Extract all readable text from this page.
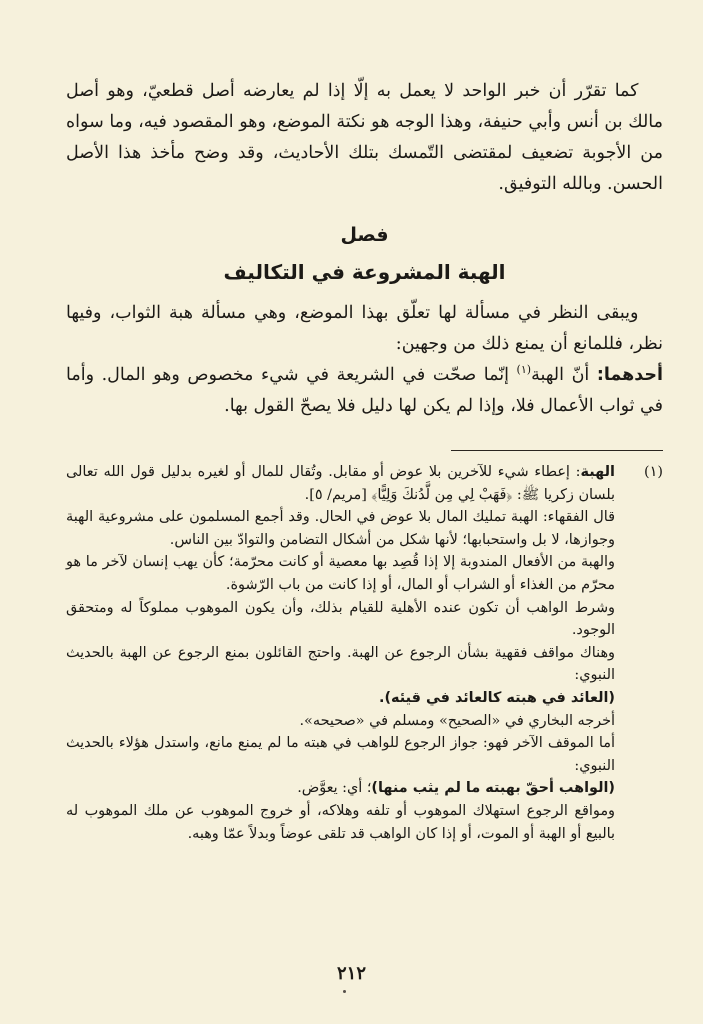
كما تقرّر أن خبر الواحد لا يعمل به إلّا إذا لم يعارضه أصل قطعيّ، وهو أصل مالك بن أنس وأبي حنيفة، وهذا الوجه هو نكتة الموضع، وهو المقصود فيه، وما سواه من الأجوبة تضعيف لمقتضى التّمسك بتلك الأحاديث، وقد وضح مأخذ هذا الأصل الحسن. وبالله التوفيق.

فصل
الهبة المشروعة في التكاليف

ويبقى النظر في مسألة لها تعلّق بهذا الموضع، وهي مسألة هبة الثواب، وفيها نظر، فللمانع أن يمنع ذلك من وجهين:

أحدهما: أنّ الهبة$^{(١)}$ إنّما صحّت في الشريعة في شيء مخصوص وهو المال. وأما في ثواب الأعمال فلا، وإذا لم يكن لها دليل فلا يصحّ القول بها.

(١)
الهبة: إعطاء شيء للآخرين بلا عوض أو مقابل. وتُقال للمال أو لغيره بدليل قول الله تعالى بلسان زكريا ﷺ: ﴿فَهَبْ لِي مِن لَّدُنكَ وَلِيًّا﴾ [مريم/ ٥].

قال الفقهاء: الهبة تمليك المال بلا عوض في الحال. وقد أجمع المسلمون على مشروعية الهبة وجوازها، لا بل واستحبابها؛ لأنها شكل من أشكال التضامن والتوادّ بين الناس.

والهبة من الأفعال المندوبة إلا إذا قُصِد بها معصية أو كانت محرّمة؛ كأن يهب إنسان لآخر ما هو محرّم من الغذاء أو الشراب أو المال، أو إذا كانت من باب الرّشوة.

وشرط الواهب أن تكون عنده الأهلية للقيام بذلك، وأن يكون الموهوب مملوكاً له ومتحقق الوجود.

وهناك مواقف فقهية بشأن الرجوع عن الهبة. واحتج القائلون بمنع الرجوع عن الهبة بالحديث النبوي:

(العائد في هبته كالعائد في قيئه).

أخرجه البخاري في «الصحيح» ومسلم في «صحيحه».

أما الموقف الآخر فهو: جواز الرجوع للواهب في هبته ما لم يمنع مانع، واستدل هؤلاء بالحديث النبوي:

(الواهب أحقّ بهبته ما لم يثب منها)؛ أي: يعوَّض.

ومواقع الرجوع استهلاك الموهوب أو تلفه وهلاكه، أو خروج الموهوب عن ملك الموهوب له بالبيع أو الهبة أو الموت، أو إذا كان الواهب قد تلقى عوضاً وبدلاً عمّا وهبه.

٢١٢
